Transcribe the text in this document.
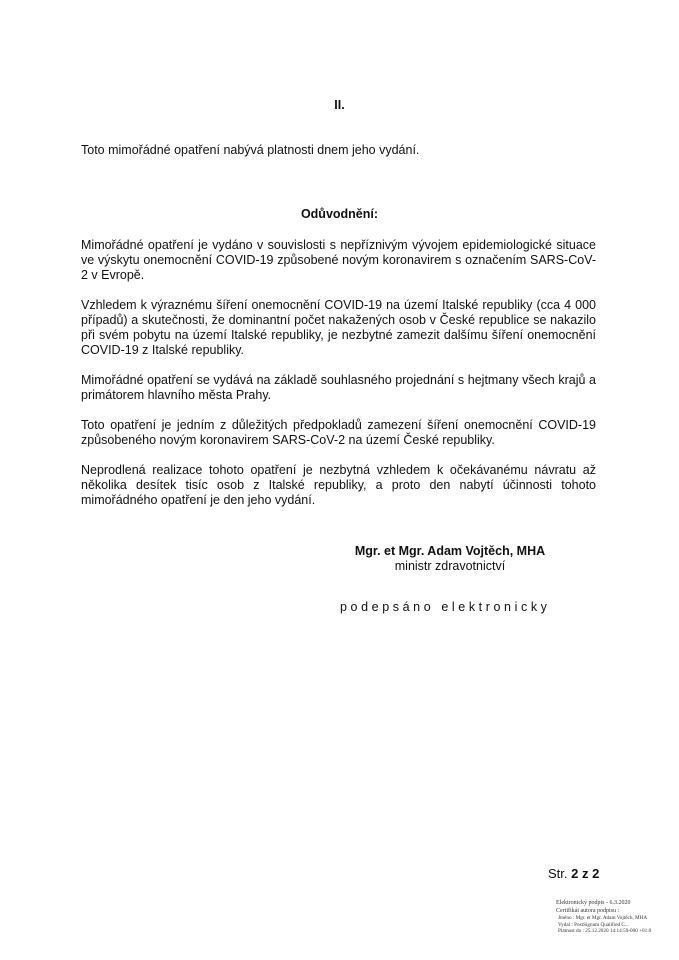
II.
Toto mimořádné opatření nabývá platnosti dnem jeho vydání.
Odůvodnění:

Mimořádné opatření je vydáno v souvislosti s nepříznivým vývojem epidemiologické situace ve výskytu onemocnění COVID-19 způsobené novým koronavirem s označením SARS-CoV-2 v Evropě.

Vzhledem k výraznému šíření onemocnění COVID-19 na území Italské republiky (cca 4 000 případů) a skutečnosti, že dominantní počet nakažených osob v České republice se nakazilo při svém pobytu na území Italské republiky, je nezbytné zamezit dalšímu šíření onemocnění COVID-19 z Italské republiky.

Mimořádné opatření se vydává na základě souhlasného projednání s hejtmany všech krajů a primátorem hlavního města Prahy.

Toto opatření je jedním z důležitých předpokladů zamezení šíření onemocnění COVID-19 způsobeného novým koronavirem SARS-CoV-2 na území České republiky.

Neprodlená realizace tohoto opatření je nezbytná vzhledem k očekávanému návratu až několika desítek tisíc osob z Italské republiky, a proto den nabytí účinnosti tohoto mimořádného opatření je den jeho vydání.

Mgr. et Mgr. Adam Vojtěch, MHA
ministr zdravotnictví
podepsáno elektronicky
Str. 2 z 2
Elektronický podpis - 6.3.2020
Certifikát autora podpisu :
Jméno : Mgr. et Mgr. Adam Vojtěch, MHA
Vydal : PostSignum Qualified C...
Platnost do : 25.12.2020 14:14:59-000 +01:0
